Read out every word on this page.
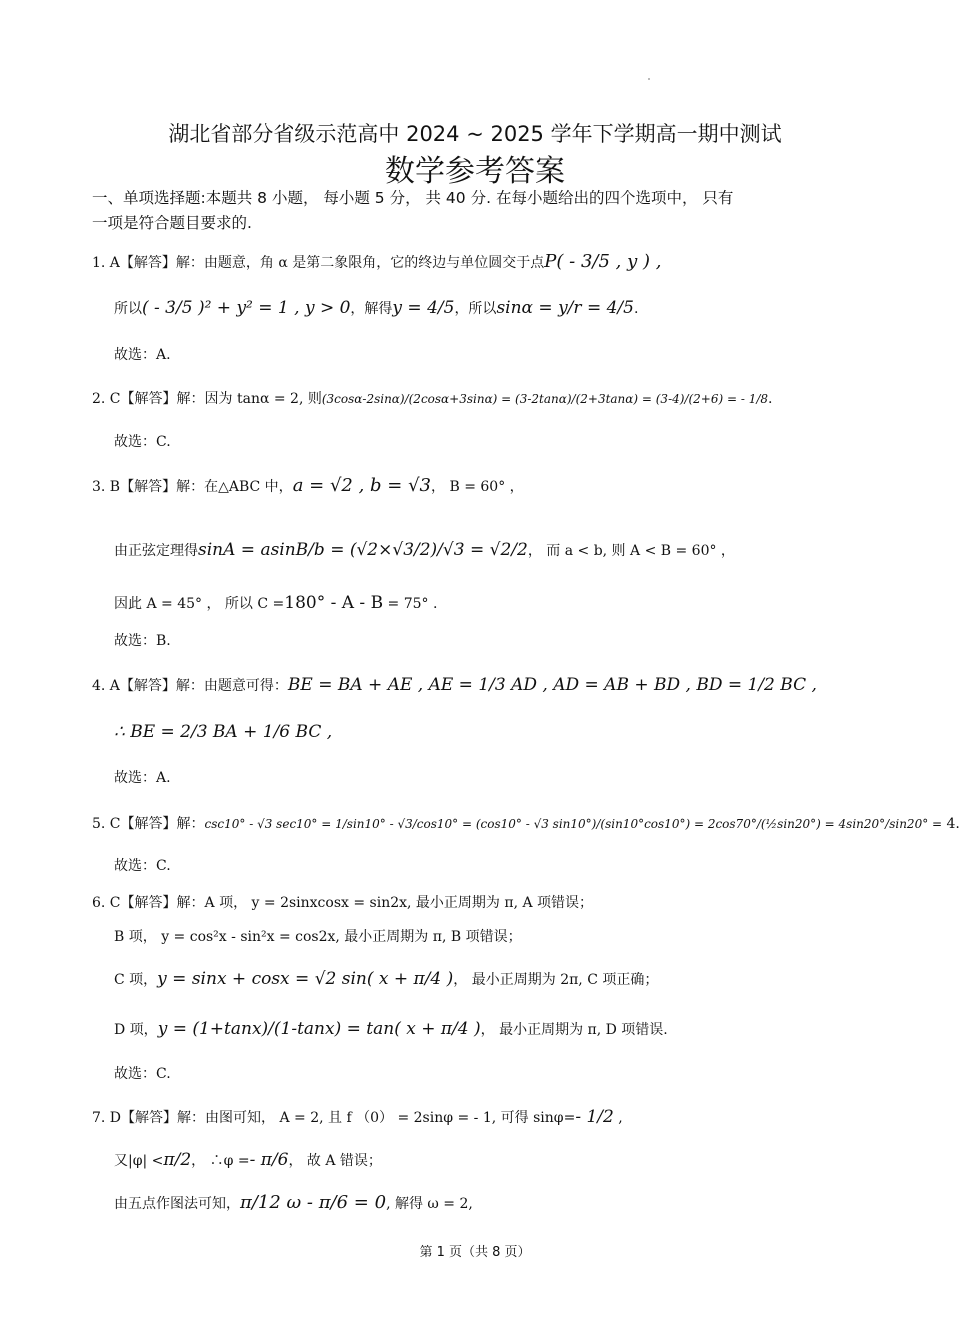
湖北省部分省级示范高中 2024 ~ 2025 学年下学期高一期中测试
数学参考答案
一、单项选择题:本题共 8 小题， 每小题 5 分， 共 40 分. 在每小题给出的四个选项中， 只有
一项是符合题目要求的.
1. A【解答】解：由题意，角 α 是第二象限角，它的终边与单位圆交于点P( - 3/5 , y ) ,
所以( - 3/5 )² + y² = 1 , y > 0，解得y = 4/5，所以sinα = y/r = 4/5.
故选：A.
2. C【解答】解：因为 tanα = 2, 则(3cosα-2sinα)/(2cosα+3sinα) = (3-2tanα)/(2+3tanα) = (3-4)/(2+6) = - 1/8.
故选：C.
3. B【解答】解：在△ABC 中，a = √2 , b = √3， B = 60° ，
由正弦定理得sinA = asinB/b = (√2×√3/2)/√3 = √2/2， 而 a < b, 则 A < B = 60° ，
因此 A = 45° ， 所以 C =180° - A - B = 75° .
故选：B.
4. A【解答】解：由题意可得：BE = BA + AE , AE = 1/3 AD , AD = AB + BD , BD = 1/2 BC ,
∴ BE = 2/3 BA + 1/6 BC ,
故选：A.
5. C【解答】解：csc10° - √3 sec10° = 1/sin10° - √3/cos10° = (cos10° - √3 sin10°)/(sin10°cos10°) = 2cos70°/(½sin20°) = 4sin20°/sin20° = 4.
故选：C.
6. C【解答】解：A 项， y = 2sinxcosx = sin2x, 最小正周期为 π, A 项错误；
B 项， y = cos²x - sin²x = cos2x, 最小正周期为 π, B 项错误；
C 项，y = sinx + cosx = √2 sin( x + π/4 )， 最小正周期为 2π, C 项正确；
D 项，y = (1+tanx)/(1-tanx) = tan( x + π/4 )， 最小正周期为 π, D 项错误.
故选：C.
7. D【解答】解：由图可知， A = 2, 且 f （0） = 2sinφ = - 1, 可得 sinφ=- 1/2 ,
又|φ| <π/2， ∴φ =- π/6， 故 A 错误；
由五点作图法可知，π/12 ω - π/6 = 0, 解得 ω = 2,
第 1 页（共 8 页）
